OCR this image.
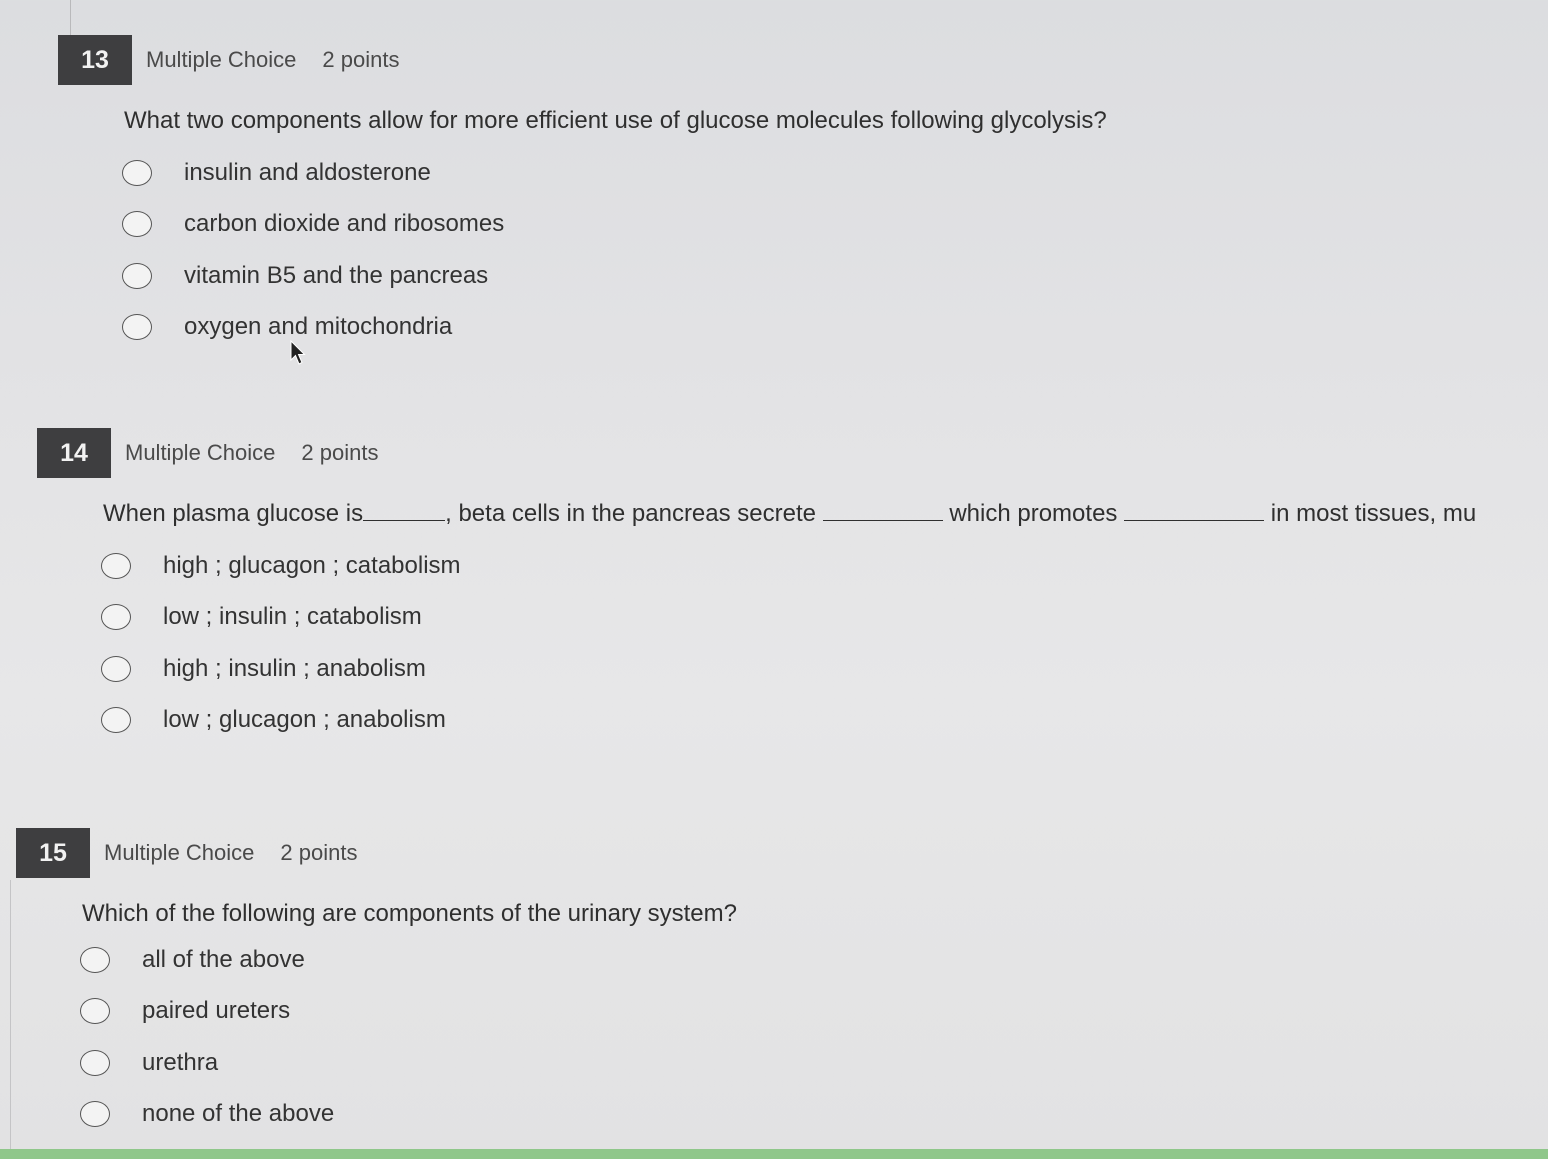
13	Multiple Choice 2 points
What two components allow for more efficient use of glucose molecules following glycolysis?
insulin and aldosterone
carbon dioxide and ribosomes
vitamin B5 and the pancreas
oxygen and mitochondria
14	Multiple Choice 2 points
When plasma glucose is	, beta cells in the pancreas secrete	which promotes	in most tissues, mu
high ; glucagon ; catabolism
low ; insulin ; catabolism
high ; insulin ; anabolism
low ; glucagon ; anabolism
15	Multiple Choice 2 points
Which of the following are components of the urinary system?
all of the above
paired ureters
urethra
none of the above
